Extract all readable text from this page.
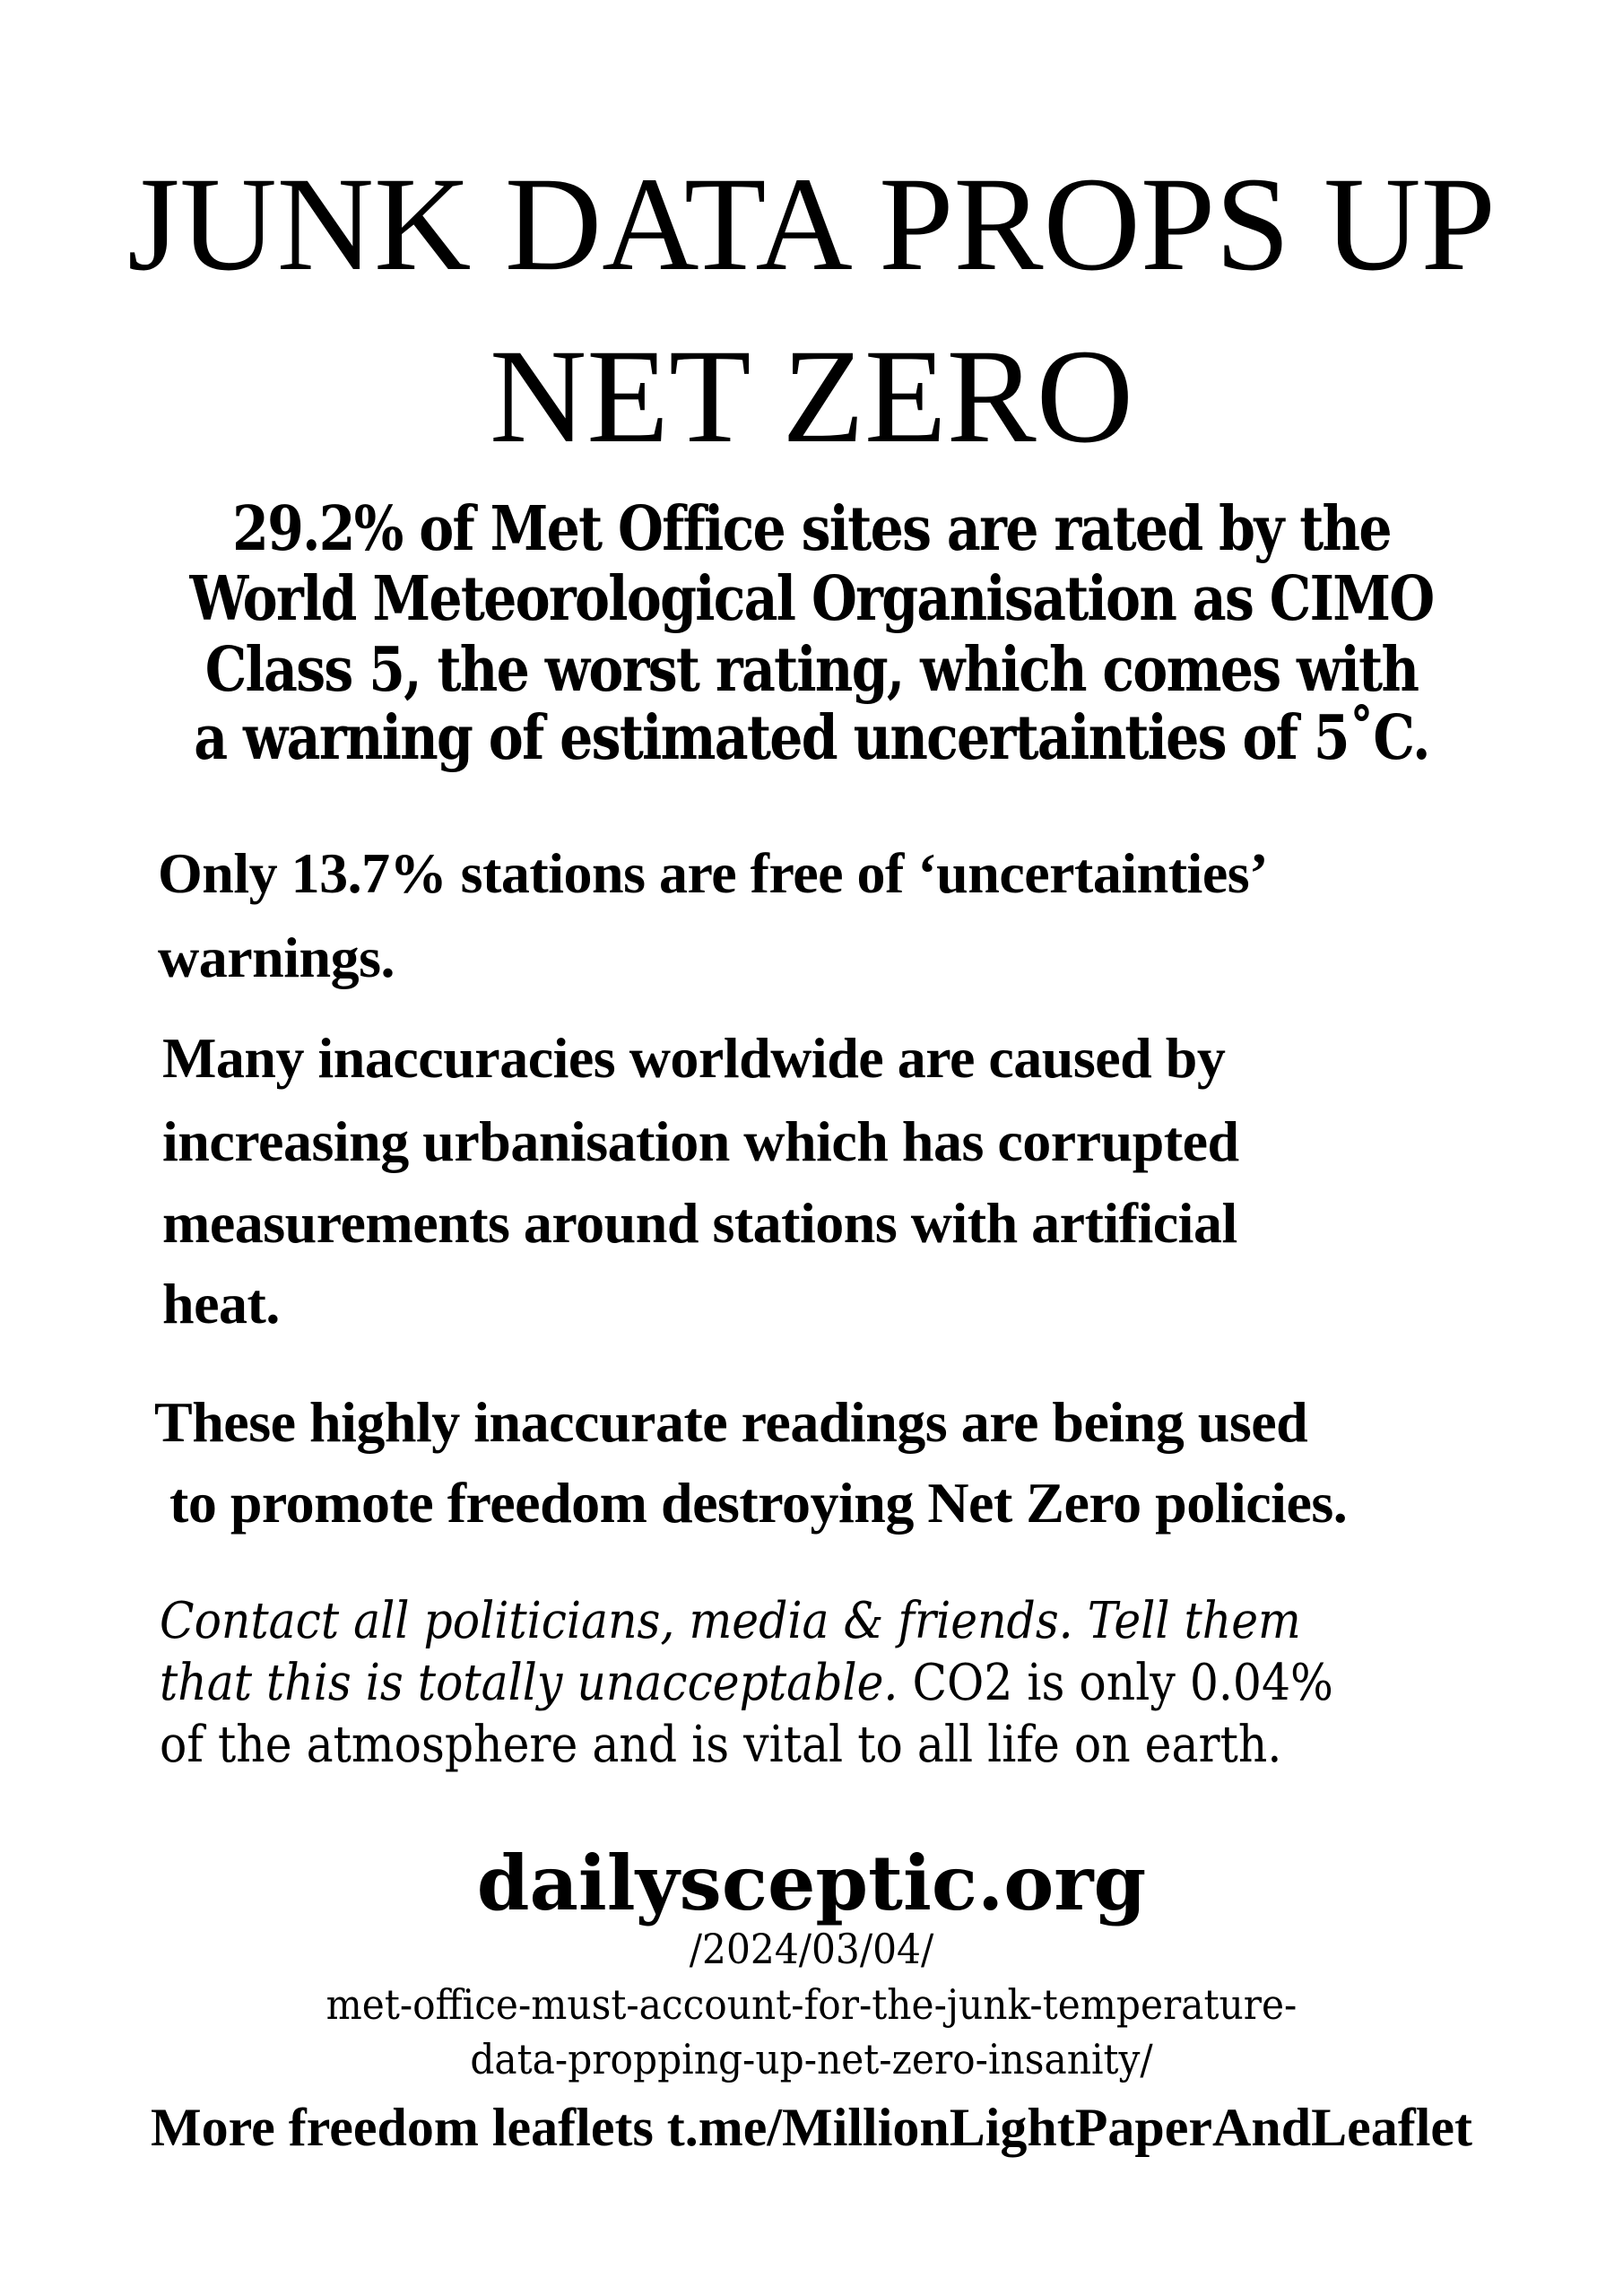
JUNK DATA PROPS UP
NET ZERO
29.2% of Met Office sites are rated by the
World Meteorological Organisation as CIMO
Class 5, the worst rating, which comes with
a warning of estimated uncertainties of 5˚C.
Only 13.7% stations are free of ‘uncertainties’
warnings.
Many inaccuracies worldwide are caused by
increasing urbanisation which has corrupted
measurements around stations with artificial
heat.
These highly inaccurate readings are being used
to promote freedom destroying Net Zero policies.
Contact all politicians, media & friends. Tell them
that this is totally unacceptable. CO2 is only 0.04%
of the atmosphere and is vital to all life on earth.
dailysceptic.org
/2024/03/04/
met-office-must-account-for-the-junk-temperature-
data-propping-up-net-zero-insanity/
More freedom leaflets t.me/MillionLightPaperAndLeaflet
